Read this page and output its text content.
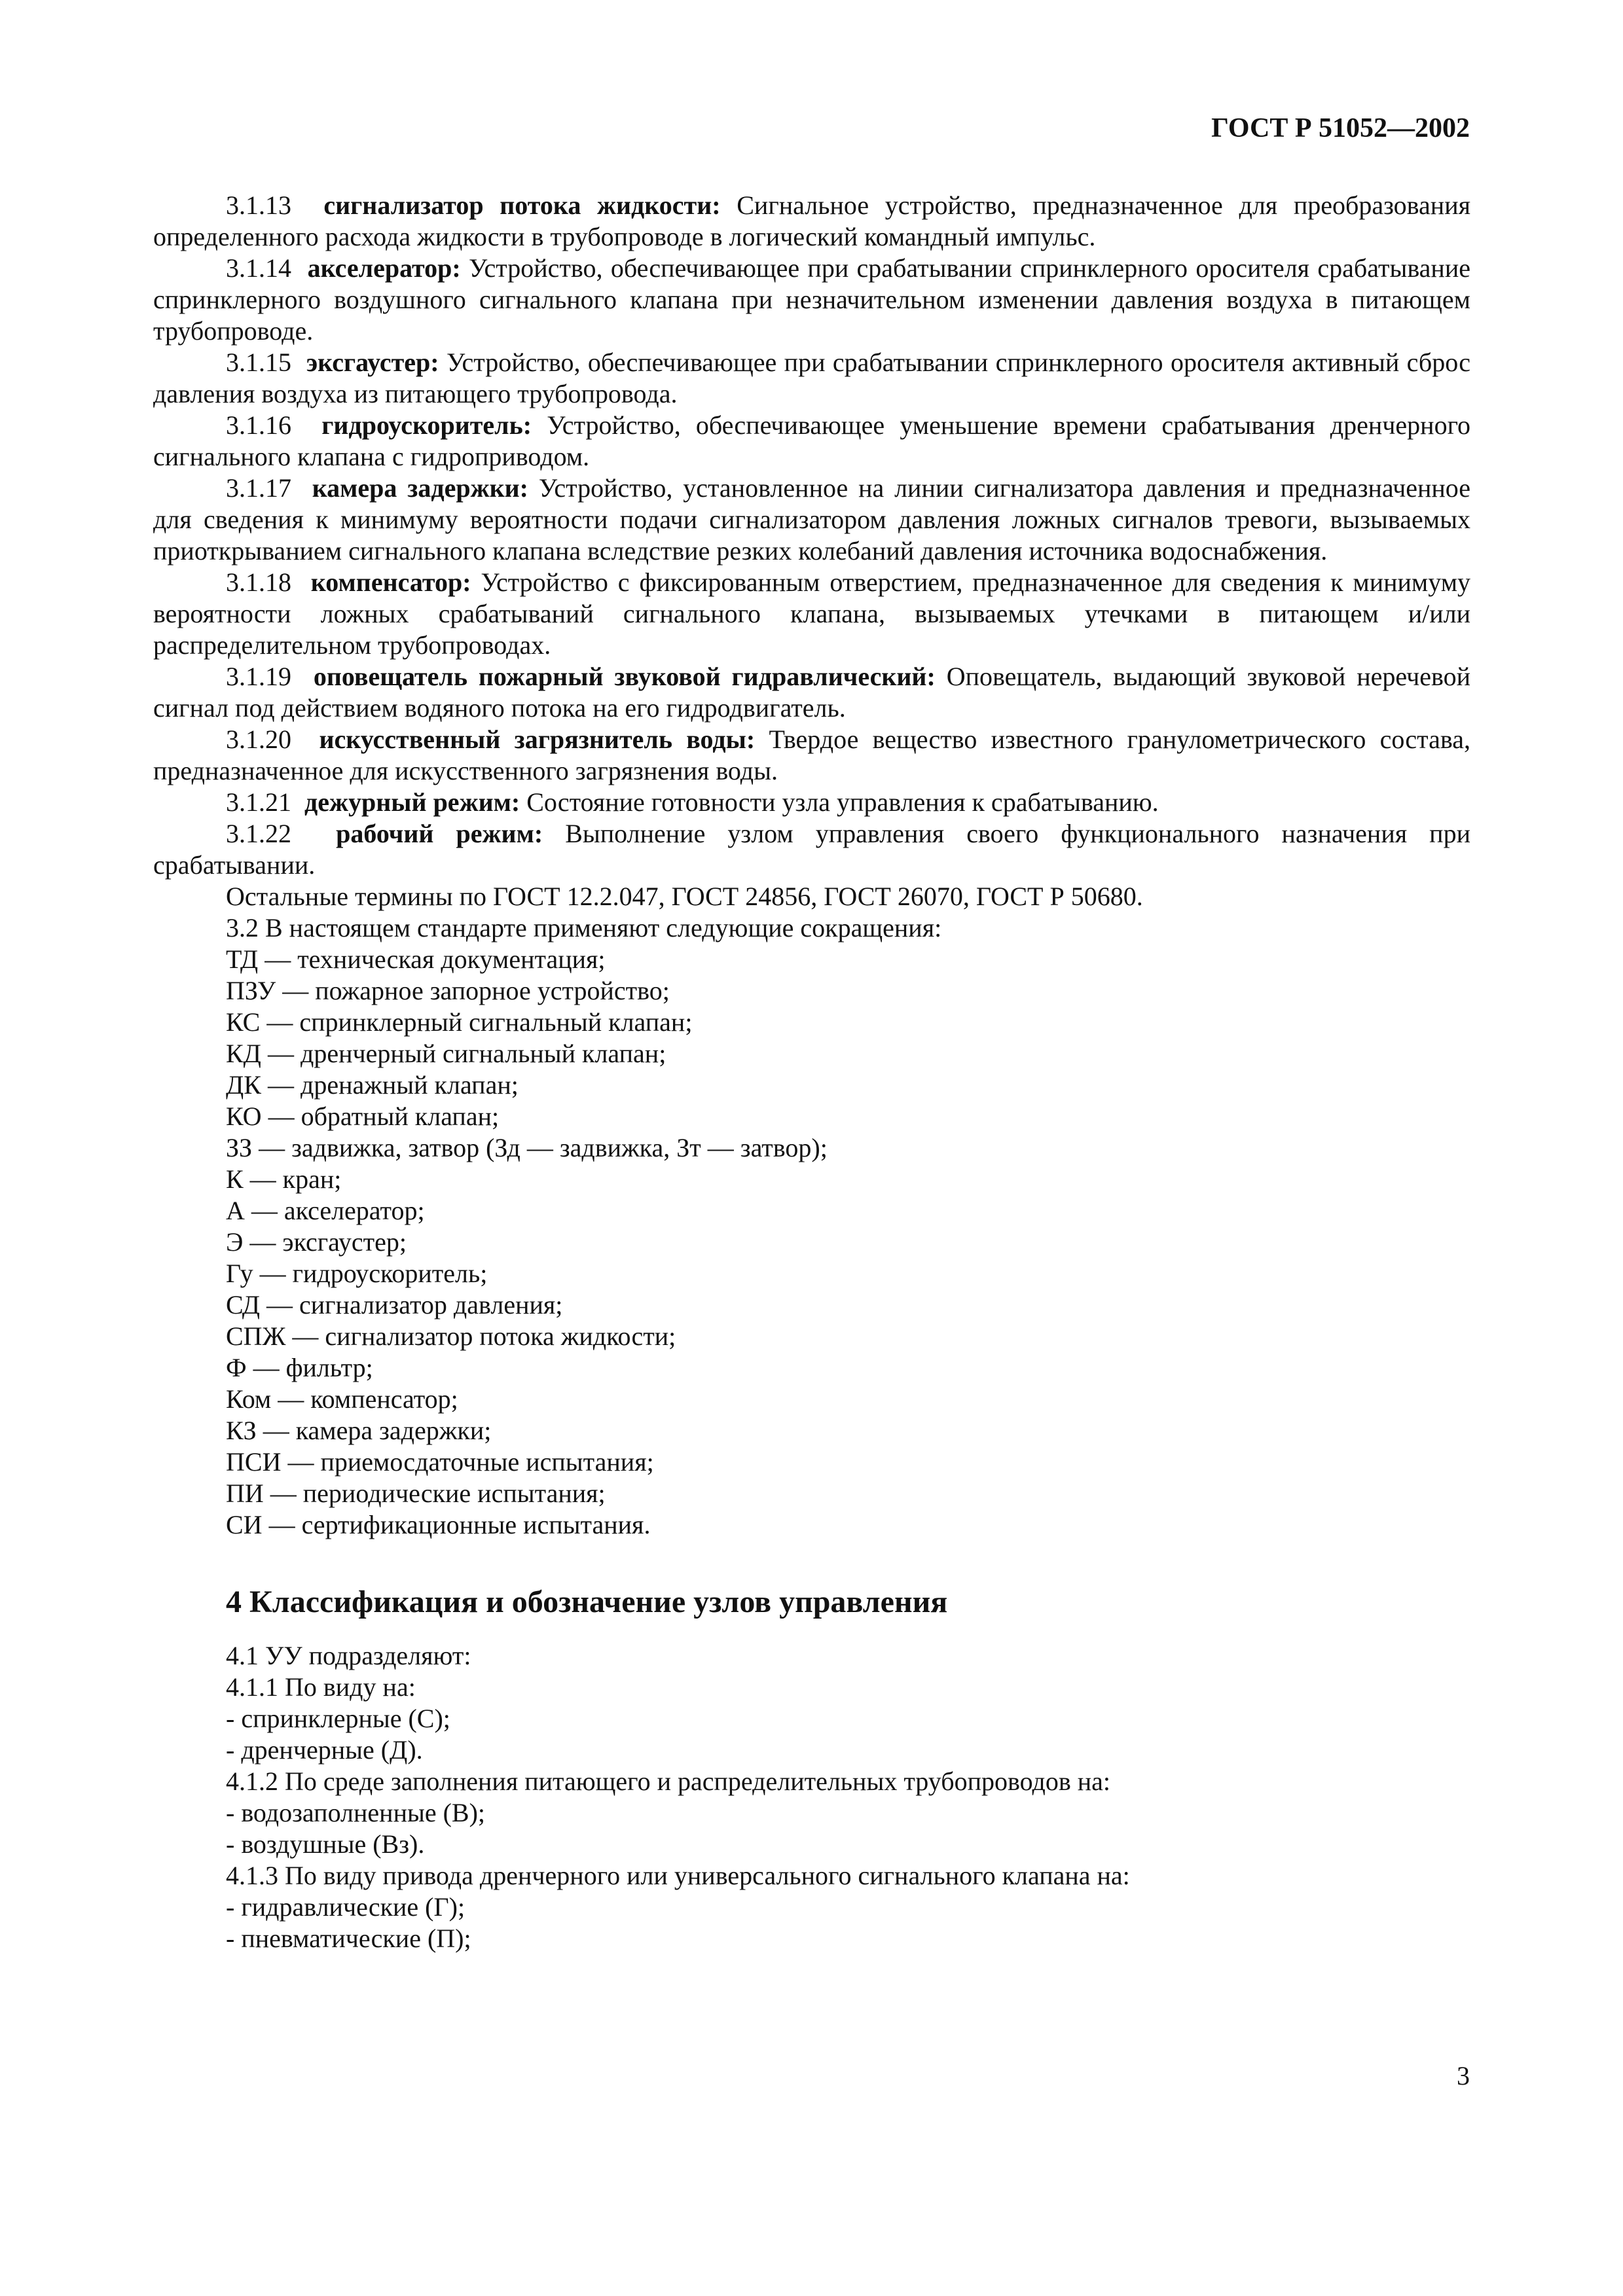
ГОСТ Р 51052—2002

3.1.13 сигнализатор потока жидкости: Сигнальное устройство, предназначенное для преобразования определенного расхода жидкости в трубопроводе в логический командный импульс.

3.1.14 акселератор: Устройство, обеспечивающее при срабатывании спринклерного оросителя срабатывание спринклерного воздушного сигнального клапана при незначительном изменении давления воздуха в питающем трубопроводе.

3.1.15 эксгаустер: Устройство, обеспечивающее при срабатывании спринклерного оросителя активный сброс давления воздуха из питающего трубопровода.

3.1.16 гидроускоритель: Устройство, обеспечивающее уменьшение времени срабатывания дренчерного сигнального клапана с гидроприводом.

3.1.17 камера задержки: Устройство, установленное на линии сигнализатора давления и предназначенное для сведения к минимуму вероятности подачи сигнализатором давления ложных сигналов тревоги, вызываемых приоткрыванием сигнального клапана вследствие резких колебаний давления источника водоснабжения.

3.1.18 компенсатор: Устройство с фиксированным отверстием, предназначенное для сведения к минимуму вероятности ложных срабатываний сигнального клапана, вызываемых утечками в питающем и/или распределительном трубопроводах.

3.1.19 оповещатель пожарный звуковой гидравлический: Оповещатель, выдающий звуковой неречевой сигнал под действием водяного потока на его гидродвигатель.

3.1.20 искусственный загрязнитель воды: Твердое вещество известного гранулометрического состава, предназначенное для искусственного загрязнения воды.

3.1.21 дежурный режим: Состояние готовности узла управления к срабатыванию.

3.1.22 рабочий режим: Выполнение узлом управления своего функционального назначения при срабатывании.

Остальные термины по ГОСТ 12.2.047, ГОСТ 24856, ГОСТ 26070, ГОСТ Р 50680.

3.2 В настоящем стандарте применяют следующие сокращения:

ТД — техническая документация;

ПЗУ — пожарное запорное устройство;

КС — спринклерный сигнальный клапан;

КД — дренчерный сигнальный клапан;

ДК — дренажный клапан;

КО — обратный клапан;

ЗЗ — задвижка, затвор (Зд — задвижка, Зт — затвор);

К — кран;

А — акселератор;

Э — эксгаустер;

Гу — гидроускоритель;

СД — сигнализатор давления;

СПЖ — сигнализатор потока жидкости;

Ф — фильтр;

Ком — компенсатор;

КЗ — камера задержки;

ПСИ — приемосдаточные испытания;

ПИ — периодические испытания;

СИ — сертификационные испытания.

4 Классификация и обозначение узлов управления

4.1 УУ подразделяют:

4.1.1 По виду на:

- спринклерные (С);

- дренчерные (Д).

4.1.2 По среде заполнения питающего и распределительных трубопроводов на:

- водозаполненные (В);

- воздушные (Вз).

4.1.3 По виду привода дренчерного или универсального сигнального клапана на:

- гидравлические (Г);

- пневматические (П);

3
